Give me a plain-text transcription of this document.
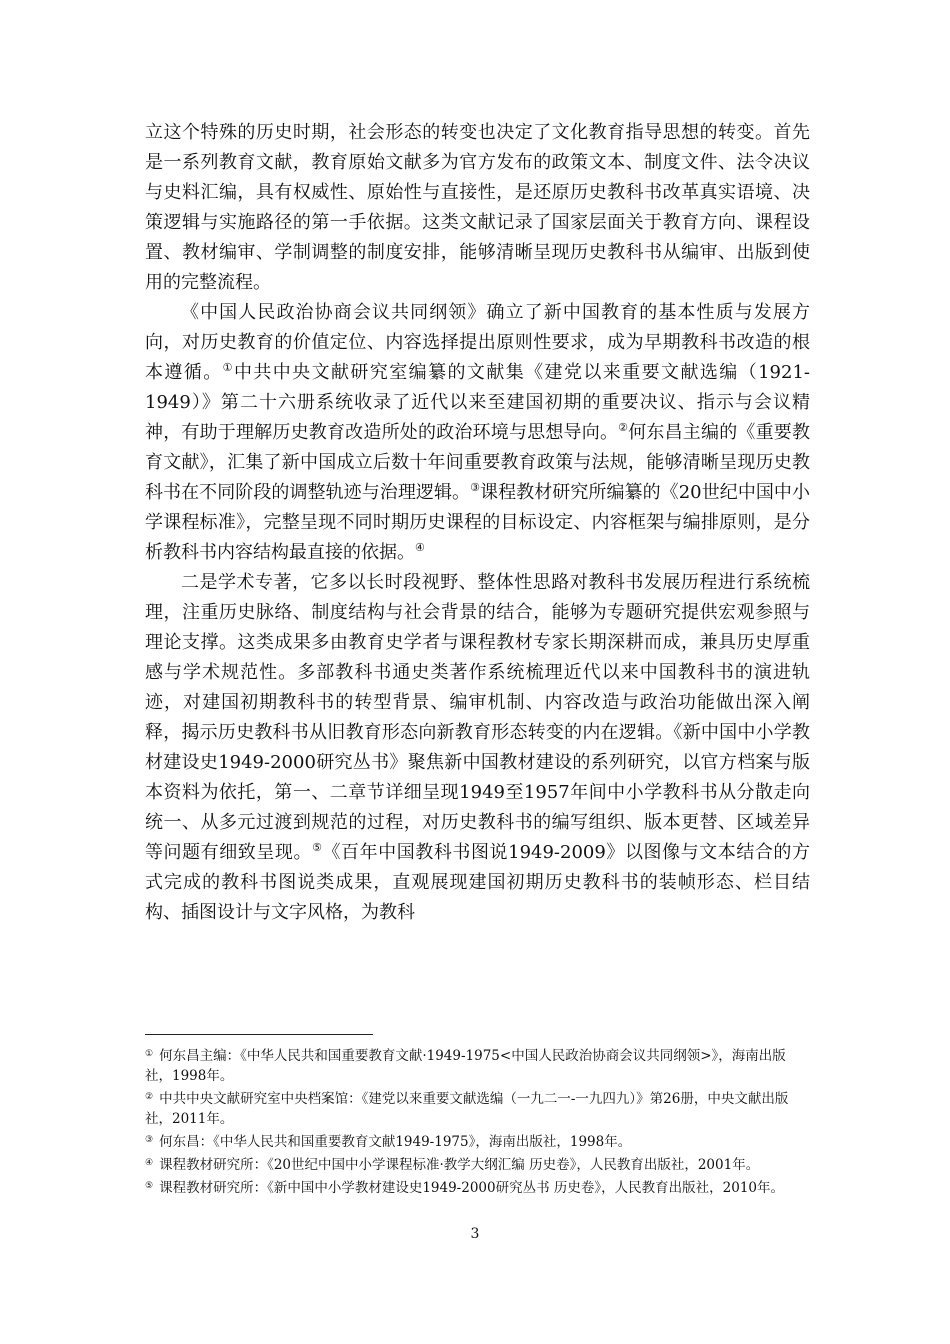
立这个特殊的历史时期，社会形态的转变也决定了文化教育指导思想的转变。首先是一系列教育文献，教育原始文献多为官方发布的政策文本、制度文件、法令决议与史料汇编，具有权威性、原始性与直接性，是还原历史教科书改革真实语境、决策逻辑与实施路径的第一手依据。这类文献记录了国家层面关于教育方向、课程设置、教材编审、学制调整的制度安排，能够清晰呈现历史教科书从编审、出版到使用的完整流程。

《中国人民政治协商会议共同纲领》确立了新中国教育的基本性质与发展方向，对历史教育的价值定位、内容选择提出原则性要求，成为早期教科书改造的根本遵循。①中共中央文献研究室编纂的文献集《建党以来重要文献选编（1921-1949）》第二十六册系统收录了近代以来至建国初期的重要决议、指示与会议精神，有助于理解历史教育改造所处的政治环境与思想导向。②何东昌主编的《重要教育文献》，汇集了新中国成立后数十年间重要教育政策与法规，能够清晰呈现历史教科书在不同阶段的调整轨迹与治理逻辑。③课程教材研究所编纂的《20世纪中国中小学课程标准》，完整呈现不同时期历史课程的目标设定、内容框架与编排原则，是分析教科书内容结构最直接的依据。④

二是学术专著，它多以长时段视野、整体性思路对教科书发展历程进行系统梳理，注重历史脉络、制度结构与社会背景的结合，能够为专题研究提供宏观参照与理论支撑。这类成果多由教育史学者与课程教材专家长期深耕而成，兼具历史厚重感与学术规范性。多部教科书通史类著作系统梳理近代以来中国教科书的演进轨迹，对建国初期教科书的转型背景、编审机制、内容改造与政治功能做出深入阐释，揭示历史教科书从旧教育形态向新教育形态转变的内在逻辑。《新中国中小学教材建设史1949-2000研究丛书》聚焦新中国教材建设的系列研究，以官方档案与版本资料为依托，第一、二章节详细呈现1949至1957年间中小学教科书从分散走向统一、从多元过渡到规范的过程，对历史教科书的编写组织、版本更替、区域差异等问题有细致呈现。⑤《百年中国教科书图说1949-2009》以图像与文本结合的方式完成的教科书图说类成果，直观展现建国初期历史教科书的装帧形态、栏目结构、插图设计与文字风格，为教科

① 何东昌主编：《中华人民共和国重要教育文献·1949-1975<中国人民政治协商会议共同纲领>》，海南出版社，1998年。
② 中共中央文献研究室中央档案馆：《建党以来重要文献选编（一九二一-一九四九）》第26册，中央文献出版社，2011年。
③ 何东昌：《中华人民共和国重要教育文献1949-1975》，海南出版社，1998年。
④ 课程教材研究所：《20世纪中国中小学课程标准·教学大纲汇编 历史卷》，人民教育出版社，2001年。
⑤ 课程教材研究所：《新中国中小学教材建设史1949-2000研究丛书 历史卷》，人民教育出版社，2010年。
3
